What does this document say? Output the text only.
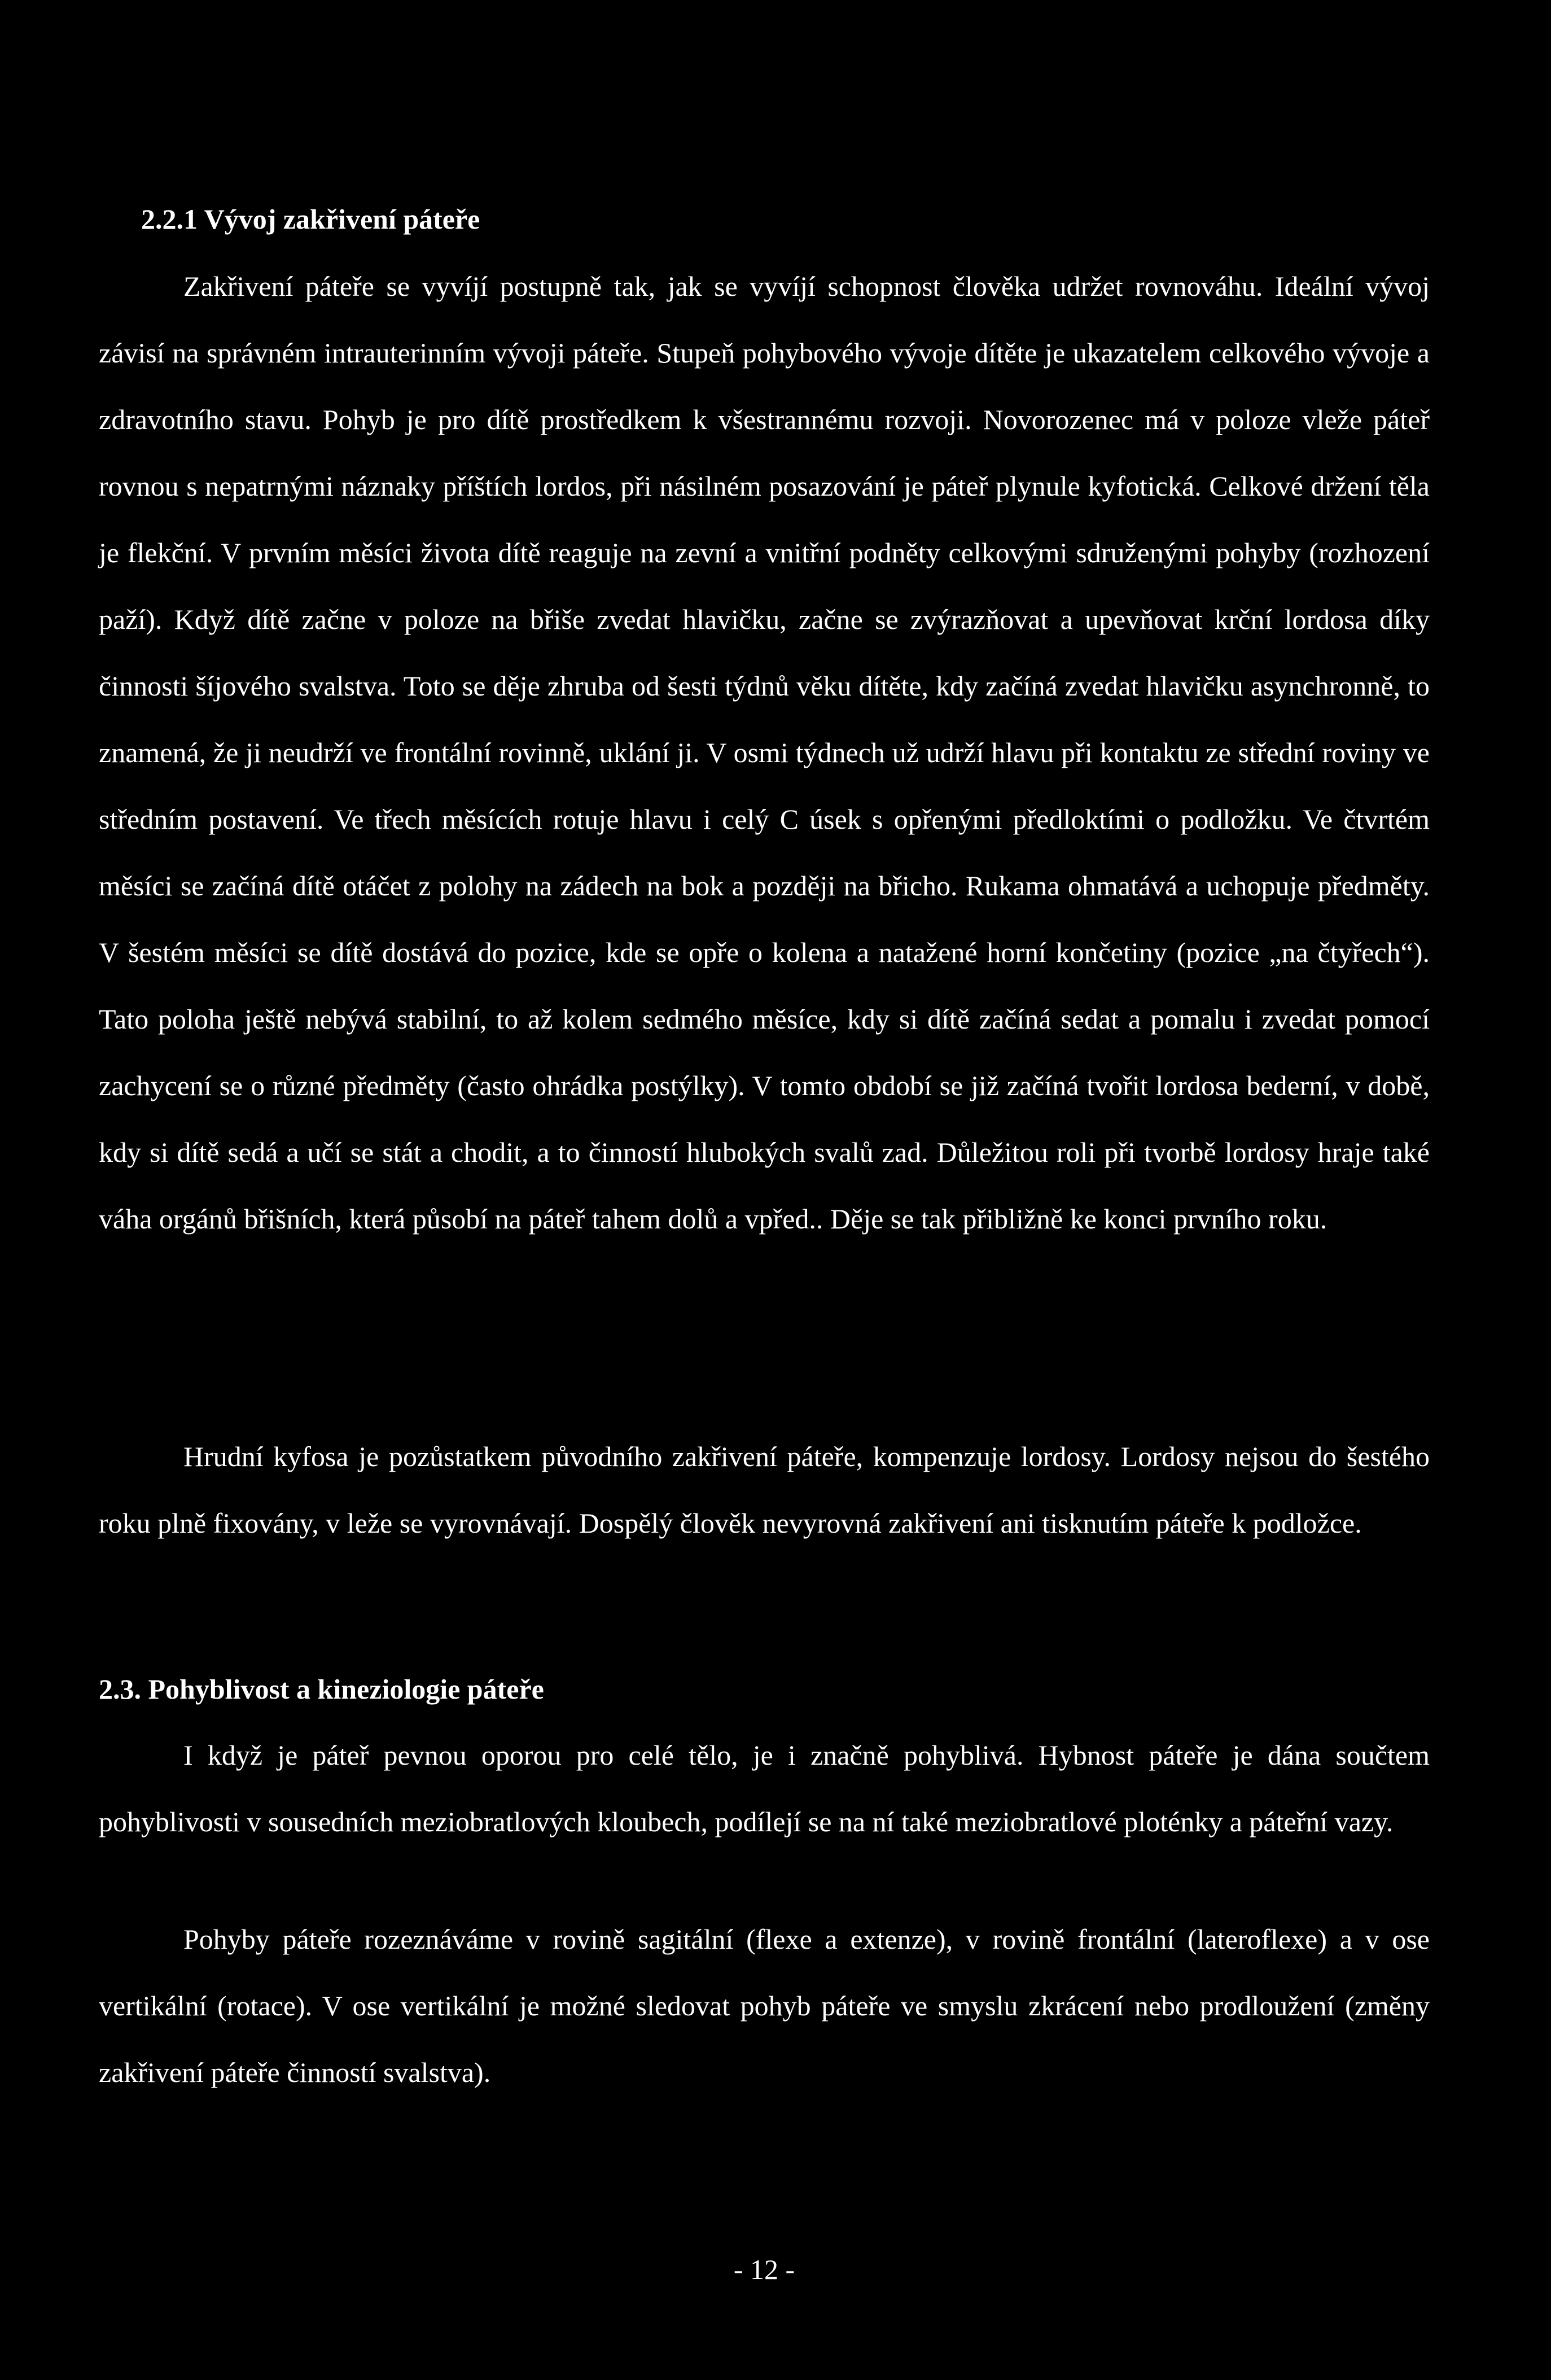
2.2.1 Vývoj zakřivení páteře

Zakřivení páteře se vyvíjí postupně tak, jak se vyvíjí schopnost člověka udržet rovnováhu. Ideální vývoj závisí na správném intrauterinním vývoji páteře. Stupeň pohybového vývoje dítěte je ukazatelem celkového vývoje a zdravotního stavu. Pohyb je pro dítě prostředkem k všestrannému rozvoji. Novorozenec má v poloze vleže páteř rovnou s nepatrnými náznaky příštích lordos, při násilném posazování je páteř plynule kyfotická. Celkové držení těla je flekční. V prvním měsíci života dítě reaguje na zevní a vnitřní podněty celkovými sdruženými pohyby (rozhození paží). Když dítě začne v poloze na břiše zvedat hlavičku, začne se zvýrazňovat a upevňovat krční lordosa díky činnosti šíjového svalstva. Toto se děje zhruba od šesti týdnů věku dítěte, kdy začíná zvedat hlavičku asynchronně, to znamená, že ji neudrží ve frontální rovinně, uklání ji. V osmi týdnech už udrží hlavu při kontaktu ze střední roviny ve středním postavení. Ve třech měsících rotuje hlavu i celý C úsek s opřenými předloktími o podložku. Ve čtvrtém měsíci se začíná dítě otáčet z polohy na zádech na bok a později na břicho. Rukama ohmatává a uchopuje předměty. V šestém měsíci se dítě dostává do pozice, kde se opře o kolena a natažené horní končetiny (pozice „na čtyřech“). Tato poloha ještě nebývá stabilní, to až kolem sedmého měsíce, kdy si dítě začíná sedat a pomalu i zvedat pomocí zachycení se o různé předměty (často ohrádka postýlky). V tomto období se již začíná tvořit lordosa bederní, v době, kdy si dítě sedá a učí se stát a chodit, a to činností hlubokých svalů zad. Důležitou roli při tvorbě lordosy hraje také váha orgánů břišních, která působí na páteř tahem dolů a vpřed.. Děje se tak přibližně ke konci prvního roku.

Hrudní kyfosa je pozůstatkem původního zakřivení páteře, kompenzuje lordosy. Lordosy nejsou do šestého roku plně fixovány, v leže se vyrovnávají. Dospělý člověk nevyrovná zakřivení ani tisknutím páteře k podložce.

2.3. Pohyblivost a kineziologie páteře

I když je páteř pevnou oporou pro celé tělo, je i značně pohyblivá. Hybnost páteře je dána součtem pohyblivosti v sousedních meziobratlových kloubech, podílejí se na ní také meziobratlové ploténky a páteřní vazy.

Pohyby páteře rozeznáváme v rovině sagitální (flexe a extenze), v rovině frontální (lateroflexe) a v ose vertikální (rotace). V ose vertikální je možné sledovat pohyb páteře ve smyslu zkrácení nebo prodloužení (změny zakřivení páteře činností svalstva).

- 12 -
